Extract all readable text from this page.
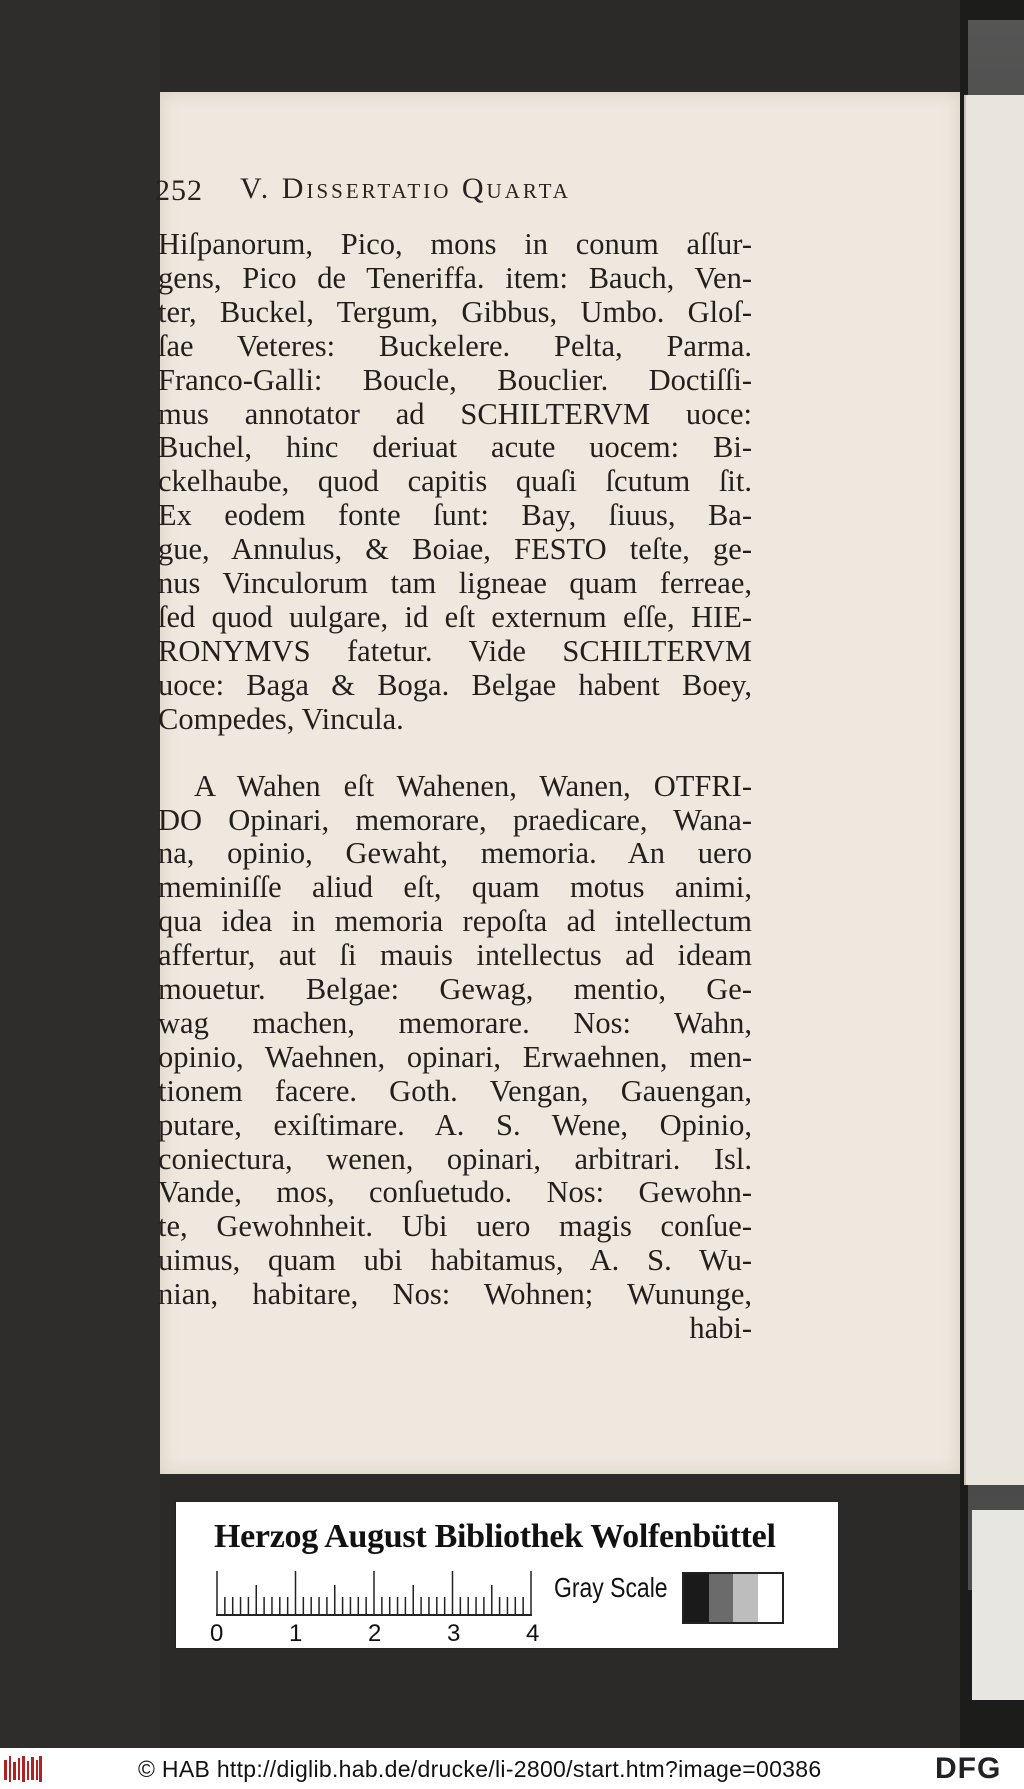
252 V. Dissertatio Quarta
Hiſpanorum, Pico, mons in conum aſſur-
gens, Pico de Teneriffa. item: Bauch, Ven-
ter, Buckel, Tergum, Gibbus, Umbo. Gloſ-
ſae Veteres: Buckelere. Pelta, Parma.
Franco-Galli: Boucle, Bouclier. Doctiſſi-
mus annotator ad SCHILTERVM uoce:
Buchel, hinc deriuat acute uocem: Bi-
ckelhaube, quod capitis quaſi ſcutum ſit.
Ex eodem fonte ſunt: Bay, ſiuus, Ba-
gue, Annulus, & Boiae, FESTO teſte, ge-
nus Vinculorum tam ligneae quam ferreae,
ſed quod uulgare, id eſt externum eſſe, HIE-
RONYMVS fatetur. Vide SCHILTERVM
uoce: Baga & Boga. Belgae habent Boey,
Compedes, Vincula.
A Wahen eſt Wahenen, Wanen, OTFRI-
DO Opinari, memorare, praedicare, Wana-
na, opinio, Gewaht, memoria. An uero
meminiſſe aliud eſt, quam motus animi,
qua idea in memoria repoſta ad intellectum
affertur, aut ſi mauis intellectus ad ideam
mouetur. Belgae: Gewag, mentio, Ge-
wag machen, memorare. Nos: Wahn,
opinio, Waehnen, opinari, Erwaehnen, men-
tionem facere. Goth. Vengan, Gauengan,
putare, exiſtimare. A. S. Wene, Opinio,
coniectura, wenen, opinari, arbitrari. Isl.
Vande, mos, conſuetudo. Nos: Gewohn-
te, Gewohnheit. Ubi uero magis conſue-
uimus, quam ubi habitamus, A. S. Wu-
nian, habitare, Nos: Wohnen; Wununge,
habi-
Herzog August Bibliothek Wolfenbüttel
0	1	2	3	4
Gray Scale
© HAB http://diglib.hab.de/drucke/li-2800/start.htm?image=00386	DFG
